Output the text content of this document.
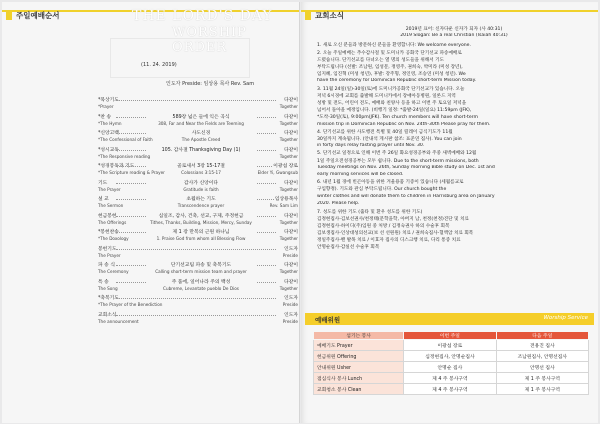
주일예배순서	THE LORD'S DAY
WORSHIP ORDER
(11. 24. 2019)
인도자 Preside: 임상용 목사 Rev. Sam
*묵상기도	다같이
*Prayer	Together
*찬 송	589장 넓은 들에 익은 곡식	다같이
*The Hymn	308, Far and Near the Fields are Teeming	Together
*신앙고백	사도신경	다같이
*The Confessional of Faith	The Apostle Creed	Together
*성시교독	105. 감사절 Thanksgiving Day (1)	다같이
*The Responsive reading	Together
*성경봉독과 기도	골로새서 3장 15-17절	이광섭 장로
*The Scripture reading & Prayer	Colossians 3:15-17	Elder Yi, Gwangsub
기도	감사가 신앙이다	다같이
The Prayer	Gratitude is faith	Together
설 교	초월하는 기도	임상용목사
The Sermon	Transcendence prayer	Rev. Sam Lim
헌금봉헌	십일조, 감사, 건축, 선교, 구제, 주정헌금	다같이
The Offerings	Tithes, Thanks, Building, Mission, Mercy, Sunday	Together
*봉헌찬송	제 1 장 만복의 근원 하나님	다같이
*The Doxology	1. Praise God from whom all Blessing Flow	Together
봉헌기도	인도자
The Prayer	Preside
파 송 식	단기선교팀 파송 및 축복기도	다같이
The Ceremony	Calling short-term mission team and prayer	Together
특 송	주 품에, 일어나라 주의 백성	다같이
The Song	Cubreme, Levantate pueblo De Dios	Together
*축복기도	인도자
*The Prayer of the Benediction	Preside
교회소식	인도자
The announcement	Preside
교회소식
2019년 표어: 신자다운 신자가 되자 (사 40:31)
2019 Slogan: Be a real Christian (Isaiah 40:31)
1. 새로 오신 분들과 방문하신 분들을 환영합니다: We welcome everyone.
2. 오늘 주일예배는 추수감사절 및 도미니카 공화국 단기선교 파송예배로
드렸습니다. 단기선교를 다녀오는 열 명의 성도들을 위해서 기도
부탁드립니다 (선발: 조남원, 임성문, 정영주, 권희숙, 박미라 (미성 장년),
임지혜, 임진혁 (미성 청년), 후발: 강주형, 정인영, 조승연 (미성 청년). We
have the ceremony for Dominican Republic short-term Mission today.
3. 11월 24일(일)-30일(토)에 도미니카공화국 단기선교가 있습니다. 오늘
저녁 6시경에 교회를 출발해 도미니카에서 장애아동병원, 일론드 지역
성방 및 전도, 어린이 전도, 예배와 친양사 등을 하고 이번 주 토요일 저녁을
넘어서 돌아올 예정입니다. (비행기 일정: *출발-24일(일요) 11:59pm (JFK),
*도착-30일(토), 9:00pm(JFK). Ten church members will have short-term
mission trip in Dominican Republic on Nov. 24th-30th Please pray for them.
4. 단기선교를 위한 사도행전 특별 및 40일 릴레이 금식기도가 11월
30일까지 계속됩니다. (안내석 게시판 참조: 표준연 집사). You can join
in forty days relay fasting prayer until Nov. 30.
5. 단기선교 일정으로 인해 이번 주 26일 화요성경공부와 주중 새벽예배와 12월
1일 주일오전성경공부는 모두 쉽니다. Due to the short-term missions, both
Tuesday meetings on Nov. 26th, Sunday morning Bible study on Dec. 1st and
early morning services will be closed.
6. 내년 1월 경에 빈곤아동을 위한 겨울용품 기증이 있습니다 (세월름교로
구입향정). 기도와 관심 부탁드립니다. Our church bought the
winter clothes and will donate them to children in Harrisburg area on January
2020. Please help.
7. 성도를 위한 기도 (출타 및 환우 성도를 위한 기도)
김정현집사-김보선권사/천정태(문학을학, 아버지 남, 천정(천정)진단 및 치료
김정현집사-하이디(주)입원 중 처방 / 김정숙권사 하의 수술후 회복
김보생집사-인상대성의선교(보 선 선원원) 치료 / 권희숙집사-혈액암 치료 회복
정일주집사-밴 발목 치료 / 이효자 집사의 디스크행 치료, 다리 통증 치료
안명순집사-감실선 수술후 회복
예배위원	Worship Service
섬기는 봉사	이번 주일	다음 주일
예배기도 Prayer	이광섭 장로	전용진 집사
헌금위원 Offering	심정현집사, 안명순집사	조남원집사, 안명선집사
안내위원 Usher	안명순 집사	안명선 집사
점심식사 봉사 Lunch	제 4 주 봉사구역	제 1 주 봉사구역
교회청소 봉사 Clean	제 4 주 봉사구역	제 1 주 봉사구역
